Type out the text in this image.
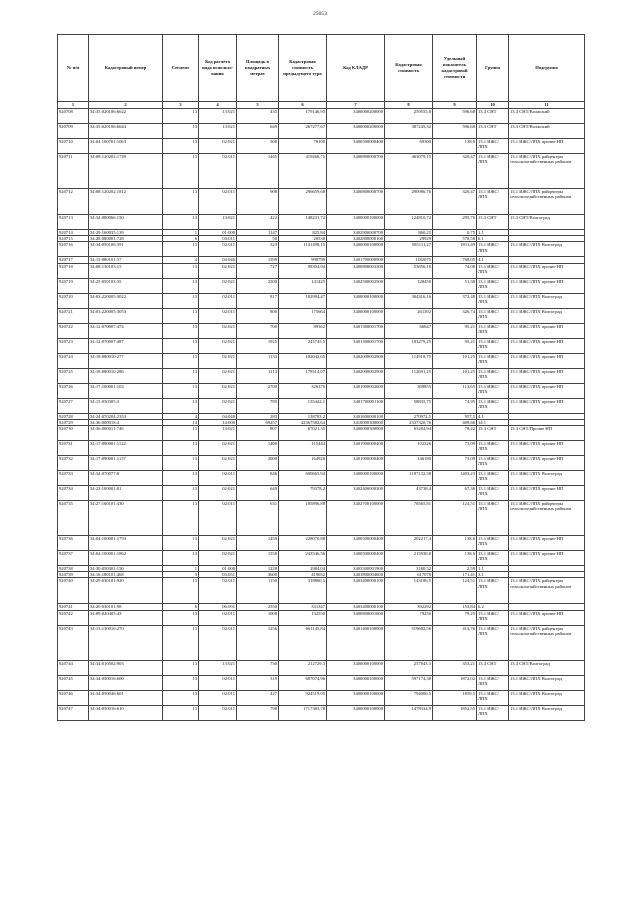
25053
№ п/п	Кадастровый номер	Сегмент	Код расчёта вида использо-вания	Площадь в квадратных метрах	Кадастровая стоимость предыдущего тура	Код КЛАДР	Кадастровая стоимость	Удельный показатель кадастровой стоимости	Группа	Подгруппа
1	2	3	4	5	6	7	8	9	10	11
920708	34:35:020106:6622	13	13:021	435	179146,95	3400000200000	259555,8	596,68	13.3 СНТ	13.3 СНТ/Волжский
920709	34:35:020106:6644	13	13:021	649	267277,67	3400000200000	387245,32	596,68	13.3 СНТ	13.3 СНТ/Волжский
920710	34:04:100701:1063	13	02:021	500	78100	3400500000400	69300	138,6	13.1 ИЖС/ЛПХ	13.1 ИЖС/ЛПХ прочие НП
920711	34:08:120202:1749	13	02:011	1445	419266,75	3400800000700	463079,15	320,47	13.1 ИЖС/ЛПХ	13.1 ИЖС/ЛПХ райцентры сельскохозяйственных районов
920712	34:08:120202:1812	13	02:011	908	296659,68	3400800000700	290986,76	320,47	13.1 ИЖС/ЛПХ	13.1 ИЖС/ЛПХ райцентры сельскохозяйственных районов
920713	34:34:080066:150	13	13:021	422	148231,72	3400000100000	124810,72	295,76	13.3 СНТ	13.3 СНТ/Волгоград
920714	34:29:160035:139	1	01:000	1147	825,84	3402900000700	860,25	0,75	1.1	
920715	34:28:080001:728	6	03:011	50	20530	3402800000100	29929	578,58	6.1	
920716	34:34:050106:391	13	02:011	323	1141498,15	3400000100000	585111,27	1811,49	13.1 ИЖС/ЛПХ	13.1 ИЖС/ЛПХ Волгоград
920717	34:15:080101:37	4	04:046	1599	998799	3401700000900	1182075	768,05	4.1	
920718	34:08:130103:15	13	02:021	727	98304,94	3400800003300	53856,16	74,08	13.1 ИЖС/ЛПХ	13.1 ИЖС/ЛПХ прочие НП
920719	34:25:050103:35	13	02:021	2500	141425	3402500002500	128450	51,38	13.1 ИЖС/ЛПХ	13.1 ИЖС/ЛПХ прочие НП
920720	34:03:220005:3022	13	02:011	817	182994,47	3400000100000	304316,16	372,48	13.1 ИЖС/ЛПХ	13.1 ИЖС/ЛПХ Волгоград
920721	34:03:220005:3053	13	02:011	800	175664	3400000100000	261392	326,74	13.1 ИЖС/ЛПХ	13.1 ИЖС/ЛПХ Волгоград
920722	34:12:070007:474	13	02:021	700	89362	3401300001700	66647	95,21	13.1 ИЖС/ЛПХ	13.1 ИЖС/ЛПХ прочие НП
920723	34:12:070007:487	13	02:021	1925	245745,5	3401300001700	183279,25	95,21	13.1 ИЖС/ЛПХ	13.1 ИЖС/ЛПХ прочие НП
920724	34:18:080010:277	13	02:021	1133	182042,65	3402000002900	114918,75	101,25	13.1 ИЖС/ЛПХ	13.1 ИЖС/ЛПХ прочие НП
920725	34:18:080010:286	13	02:021	1113	178514,07	3402000002900	112691,25	101,25	13.1 ИЖС/ЛПХ	13.1 ИЖС/ЛПХ прочие НП
920726	34:17:100001:103	13	02:021	2700	326376	3401900002600	309855	113,65	13.1 ИЖС/ЛПХ	13.1 ИЖС/ЛПХ прочие НП
920727	34:15:030305:3	13	02:021	785	135442,1	3401700001100	58835,75	74,95	13.1 ИЖС/ЛПХ	13.1 ИЖС/ЛПХ прочие НП
920728	34:24:070204:2353	4	04:040	283	138783,2	3401600000100	270972,5	957,5	4.1	
920729	34:36:000018:4	14	14:000	69257	42367582,64	3410000300000	2337320,76	409,66	14.1	
920730	34:36:000011:746	13	13:021	807	67021,35	3400000300000	63284,94	78,42	13.3 СНТ	13.3 СНТ/Прочие НП
920731	34:17:090001:1122	13	02:021	1400	115444	3401900000400	102326	73,09	13.1 ИЖС/ЛПХ	13.1 ИЖС/ЛПХ прочие НП
920732	34:17:090001:1157	13	02:021	2000	164920	3401900000400	146180	73,09	13.1 ИЖС/ЛПХ	13.1 ИЖС/ЛПХ прочие НП
920733	34:34:070077:8	13	02:011	846	690665,94	3400000100000	1187132,58	1403,23	13.1 ИЖС/ЛПХ	13.1 ИЖС/ЛПХ Волгоград
920734	34:23:100001:81	13	02:021	649	79378,2	3402400000300	43738,4	67,36	13.1 ИЖС/ЛПХ	13.1 ИЖС/ЛПХ прочие НП
920735	34:27:160101:430	13	02:011	631	185896,88	3402700100000	78565,81	124,51	13.1 ИЖС/ЛПХ	13.1 ИЖС/ЛПХ райцентры сельскохозяйственных районов
920736	34:04:100001:1793	13	02:021	1459	228070,88	3400500000400	202217,4	138,6	13.1 ИЖС/ЛПХ	13.1 ИЖС/ЛПХ прочие НП
920737	34:04:100001:1862	13	02:021	1558	243546,56	3400500000400	215938,8	138,6	13.1 ИЖС/ЛПХ	13.1 ИЖС/ЛПХ прочие НП
920738	34:30:050301:150	1	01:000	1228	2984,04	3403300001900	3180,52	2,59	1.1	
920739	34:16:180101:468	3	03:051	3600	419652	3401800004600	617076	171,41	3.1	
920740	34:29:030101:920	13	02:011	1150	318860,5	3403400000100	143186,5	124,51	13.1 ИЖС/ЛПХ	13.1 ИЖС/ЛПХ райцентры сельскохозяйственных районов
920741	34:20:030101:98	6	06:091	2550	331347	3403400000100	392292	153,84	6.2	
920742	34:09:020405:43	13	02:011	1000	132550	3400800001800	79250	79,25	13.1 ИЖС/ЛПХ	13.1 ИЖС/ЛПХ прочие НП
920743	34:13:130016:270	13	02:011	1256	661145,84	3401400100000	519682,56	413,76	13.1 ИЖС/ЛПХ	13.1 ИЖС/ЛПХ райцентры сельскохозяйственных районов
920744	34:34:010502:903	13	13:021	730	212729,3	3400000100000	257843,3	353,21	13.3 СНТ	13.3 СНТ/Волгоград
920745	34:34:050016:600	13	02:011	319	687074,96	3400000100000	597174,38	1872,02	13.1 ИЖС/ЛПХ	13.1 ИЖС/ЛПХ Волгоград
920746	34:34:050046:601	13	02:011	427	924519,05	3400000100000	794006,5	1859,5	13.1 ИЖС/ЛПХ	13.1 ИЖС/ЛПХ Волгоград
920747	34:34:050016:610	13	02:011	798	1717383,78	3400000100000	1478334,9	1852,55	13.1 ИЖС/ЛПХ	13.1 ИЖС/ЛПХ Волгоград
